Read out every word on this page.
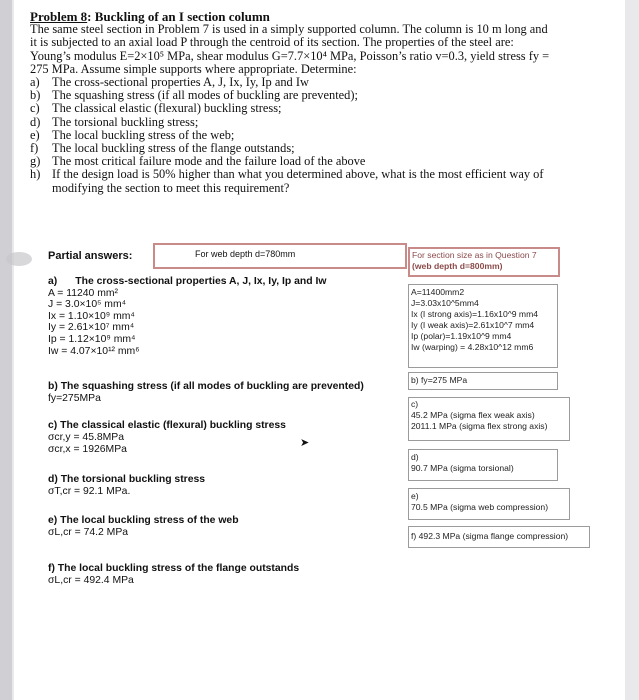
Problem 8: Buckling of an I section column

The same steel section in Problem 7 is used in a simply supported column. The column is 10 m long and it is subjected to an axial load P through the centroid of its section. The properties of the steel are: Young’s modulus E=2×10⁵ MPa, shear modulus G=7.7×10⁴ MPa, Poisson’s ratio v=0.3, yield stress fy = 275 MPa. Assume simple supports where appropriate. Determine:

a) The cross-sectional properties A, J, Ix, Iy, Ip and Iw
b) The squashing stress (if all modes of buckling are prevented);
c) The classical elastic (flexural) buckling stress;
d) The torsional buckling stress;
e) The local buckling stress of the web;
f)	The local buckling stress of the flange outstands;
g) The most critical failure mode and the failure load of the above
h) If the design load is 50% higher than what you determined above, what is the most efficient way of modifying the section to meet this requirement?
Partial answers:	For web depth d=780mm
a) The cross-sectional properties A, J, Ix, Iy, Ip and Iw
A = 11240 mm²
J = 3.0×10⁵ mm⁴
Ix = 1.10×10⁹ mm⁴
Iy = 2.61×10⁷ mm⁴
Ip = 1.12×10⁹ mm⁴
Iw = 4.07×10¹² mm⁶
b) The squashing stress (if all modes of buckling are prevented)
fy=275MPa
c) The classical elastic (flexural) buckling stress
σcr,y = 45.8MPa
σcr,x = 1926MPa
➤
d) The torsional buckling stress
σT,cr = 92.1 MPa.
e) The local buckling stress of the web
σL,cr = 74.2 MPa
f) The local buckling stress of the flange outstands
σL,cr = 492.4 MPa
For section size as in Question 7
(web depth d=800mm)
A=11400mm2
J=3.03x10^5mm4
Ix (I strong axis)=1.16x10^9 mm4
Iy (I weak axis)=2.61x10^7 mm4
Ip (polar)=1.19x10^9 mm4
Iw (warping) = 4.28x10^12 mm6
b) fy=275 MPa
c)
45.2 MPa (sigma flex weak axis)
2011.1 MPa (sigma flex strong axis)
d)
90.7 MPa (sigma torsional)
e)
70.5 MPa (sigma web compression)
f) 492.3 MPa (sigma flange compression)
